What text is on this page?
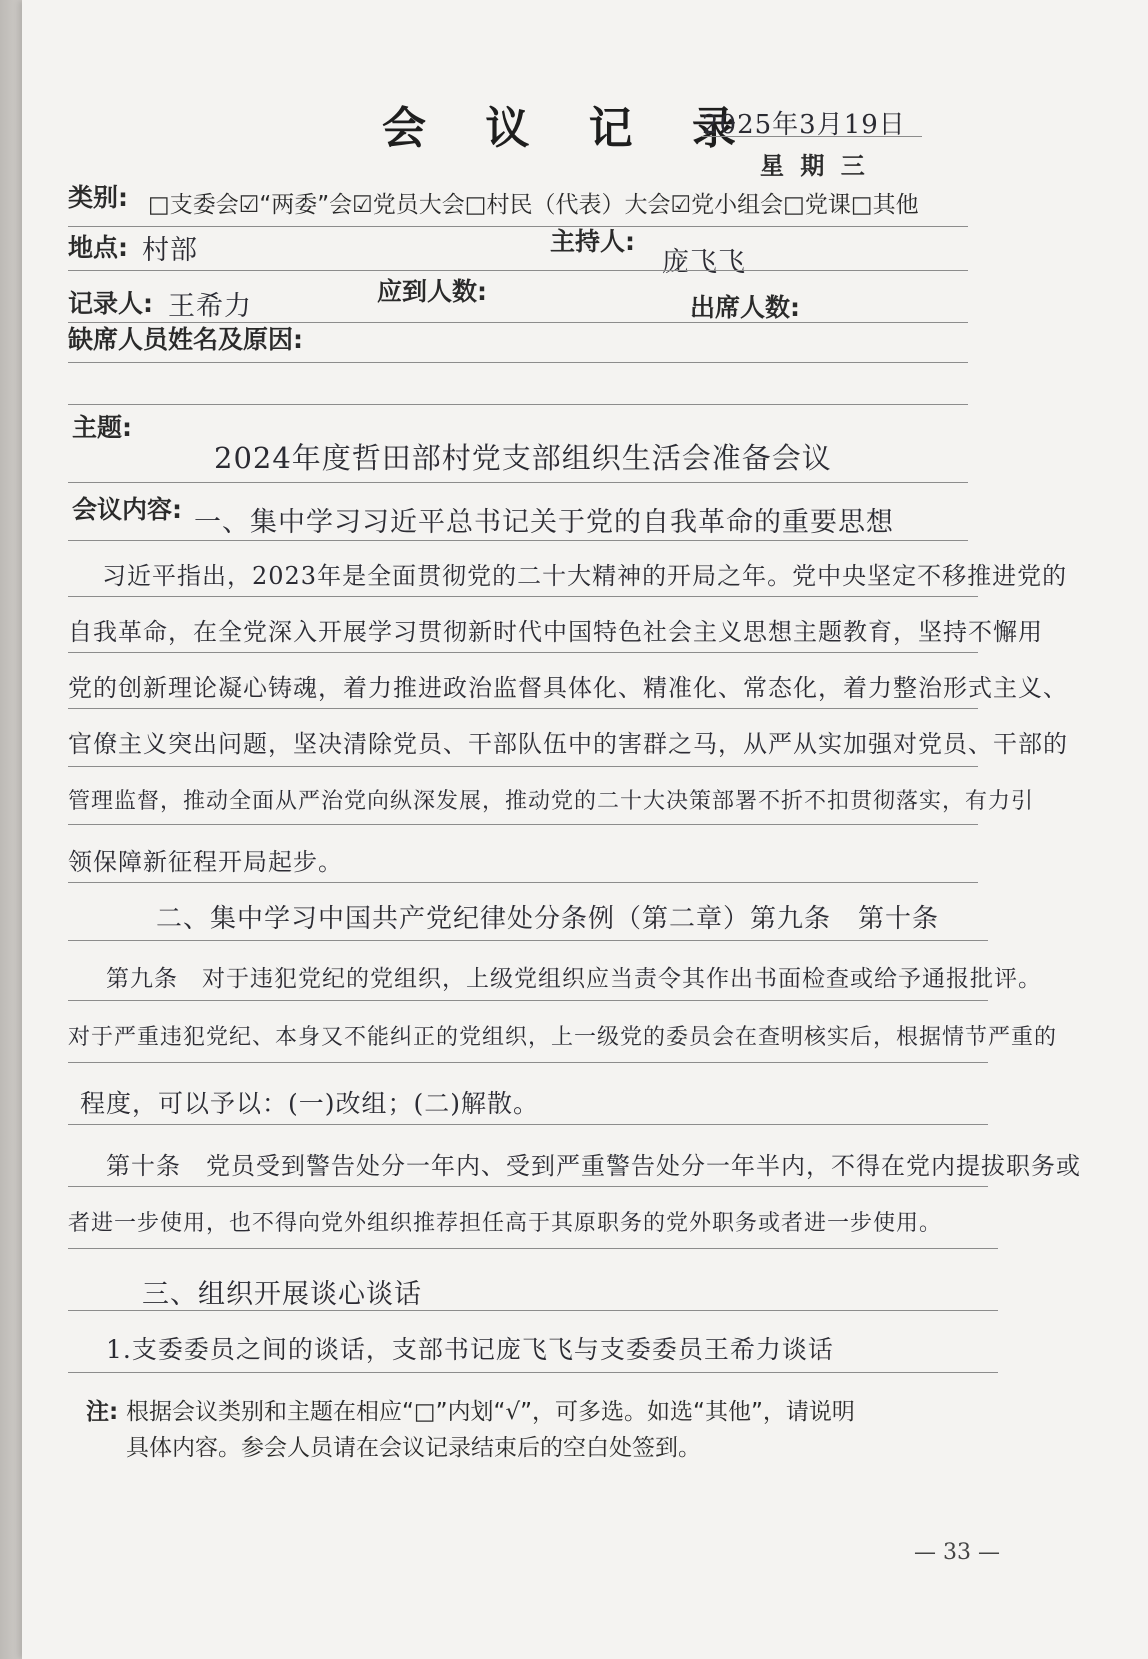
会 议 记 录
2025年3月19日
星 期 三
类别: □支委会☑“两委”会☑党员大会□村民（代表）大会☑党小组会□党课□其他
地点: 村部	主持人:
庞飞飞
记录人: 王希力	应到人数:
出席人数:
缺席人员姓名及原因:
主题:
2024年度哲田部村党支部组织生活会准备会议
会议内容: 一、集中学习习近平总书记关于党的自我革命的重要思想
习近平指出，2023年是全面贯彻党的二十大精神的开局之年。党中央坚定不移推进党的
自我革命，在全党深入开展学习贯彻新时代中国特色社会主义思想主题教育，坚持不懈用
党的创新理论凝心铸魂，着力推进政治监督具体化、精准化、常态化，着力整治形式主义、
官僚主义突出问题，坚决清除党员、干部队伍中的害群之马，从严从实加强对党员、干部的
管理监督，推动全面从严治党向纵深发展，推动党的二十大决策部署不折不扣贯彻落实，有力引
领保障新征程开局起步。
二、集中学习中国共产党纪律处分条例（第二章）第九条　第十条
第九条　对于违犯党纪的党组织，上级党组织应当责令其作出书面检查或给予通报批评。
对于严重违犯党纪、本身又不能纠正的党组织，上一级党的委员会在查明核实后，根据情节严重的
程度，可以予以：(一)改组；(二)解散。
第十条　党员受到警告处分一年内、受到严重警告处分一年半内，不得在党内提拔职务或
者进一步使用，也不得向党外组织推荐担任高于其原职务的党外职务或者进一步使用。
三、组织开展谈心谈话
1.支委委员之间的谈话，支部书记庞飞飞与支委委员王希力谈话
注: 根据会议类别和主题在相应“□”内划“√”，可多选。如选“其他”，请说明
具体内容。参会人员请在会议记录结束后的空白处签到。
— 33 —
